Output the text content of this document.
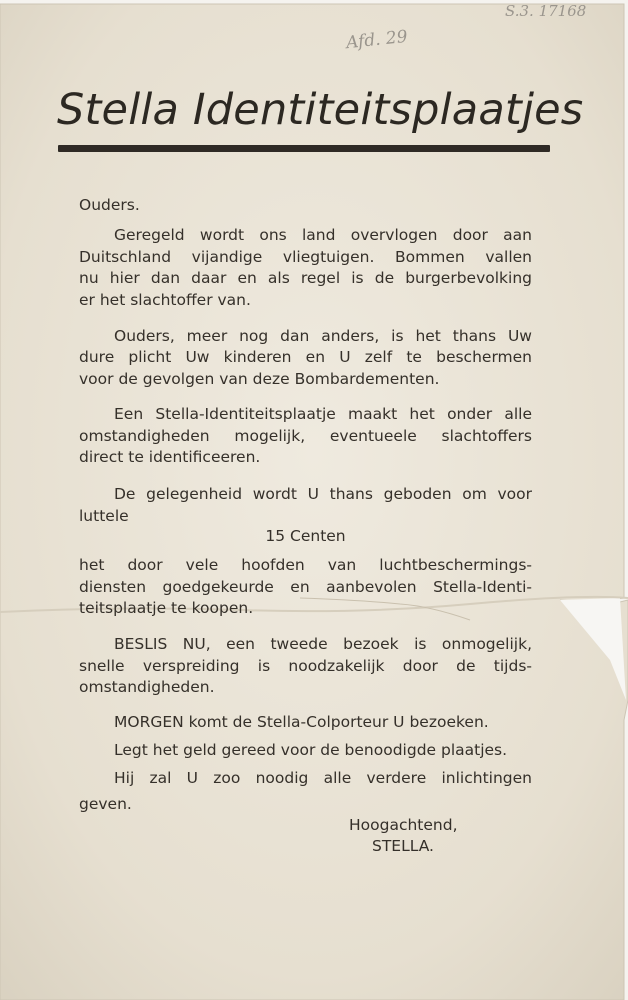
S.3. 17168

Afd. 29

Stella Identiteitsplaatjes

Ouders.

Geregeld wordt ons land overvlogen door aan

Duitschland vijandige vliegtuigen. Bommen vallen

nu hier dan daar en als regel is de burgerbevolking

er het slachtoffer van.

Ouders, meer nog dan anders, is het thans Uw

dure plicht Uw kinderen en U zelf te beschermen

voor de gevolgen van deze Bombardementen.

Een Stella-Identiteitsplaatje maakt het onder alle

omstandigheden mogelijk, eventueele slachtoffers

direct te identificeeren.

De gelegenheid wordt U thans geboden om voor

luttele

15 Centen

het door vele hoofden van luchtbeschermings-

diensten goedgekeurde en aanbevolen Stella-Identi-

teitsplaatje te koopen.

BESLIS NU, een tweede bezoek is onmogelijk,

snelle verspreiding is noodzakelijk door de tijds-

omstandigheden.

MORGEN komt de Stella-Colporteur U bezoeken.

Legt het geld gereed voor de benoodigde plaatjes.

Hij zal U zoo noodig alle verdere inlichtingen

geven.

Hoogachtend,

STELLA.
